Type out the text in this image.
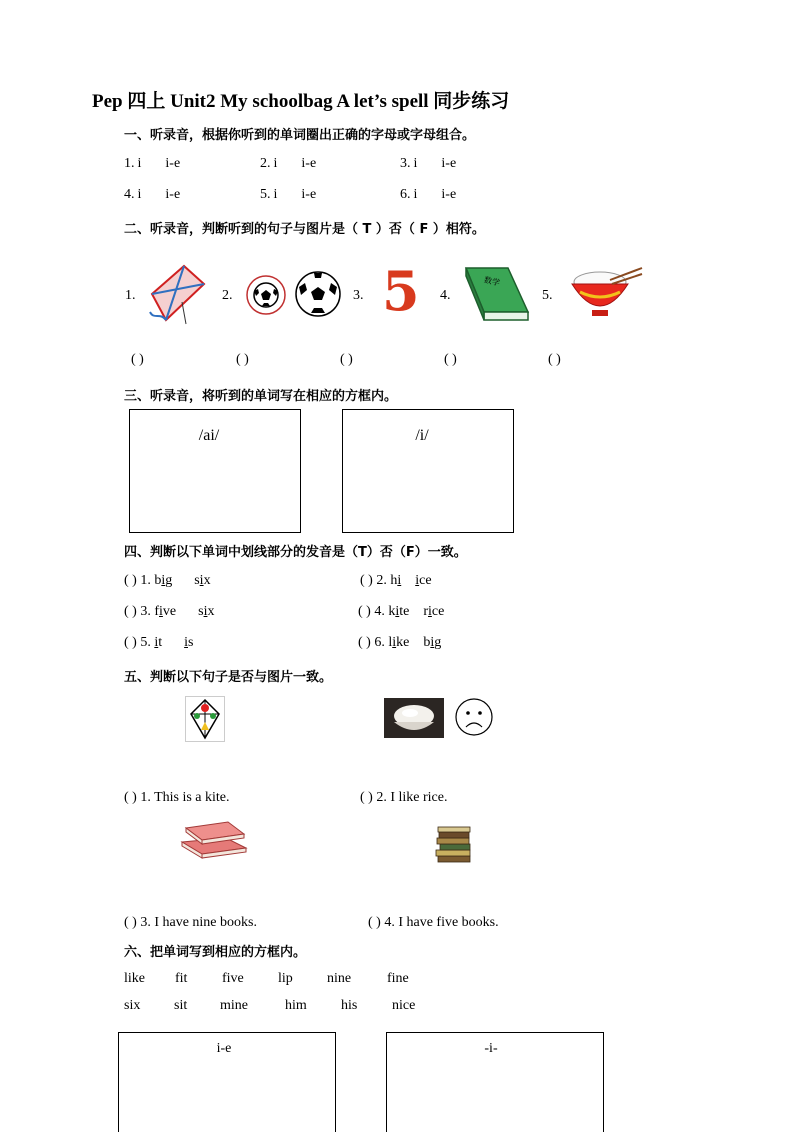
Pep 四上 Unit2 My schoolbag A let’s spell 同步练习
一、听录音，根据你听到的单词圈出正确的字母或字母组合。
1. i i-e	2. i i-e	3. i i-e
4. i i-e	5. i i-e	6. i i-e
二、听录音，判断听到的句子与图片是（ T ）否（ F ）相符。
1.	2.	3. 5 4.
数学
5.
( )	( )	( )	( )	( )
三、听录音，将听到的单词写在相应的方框内。
/ai/	/i/
四、判断以下单词中划线部分的发音是（T）否（F）一致。
( ) 1. big six	( ) 2. hi ice
( ) 3. five six	( ) 4. kite rice
( ) 5. it is	( ) 6. like big
五、判断以下句子是否与图片一致。
( ) 1. This is a kite.	( ) 2. I like rice.
( ) 3. I have nine books.	( ) 4. I have five books.
六、把单词写到相应的方框内。
like fit five lip nine	fine
six sit mine	him his nice
i-e	-i-
